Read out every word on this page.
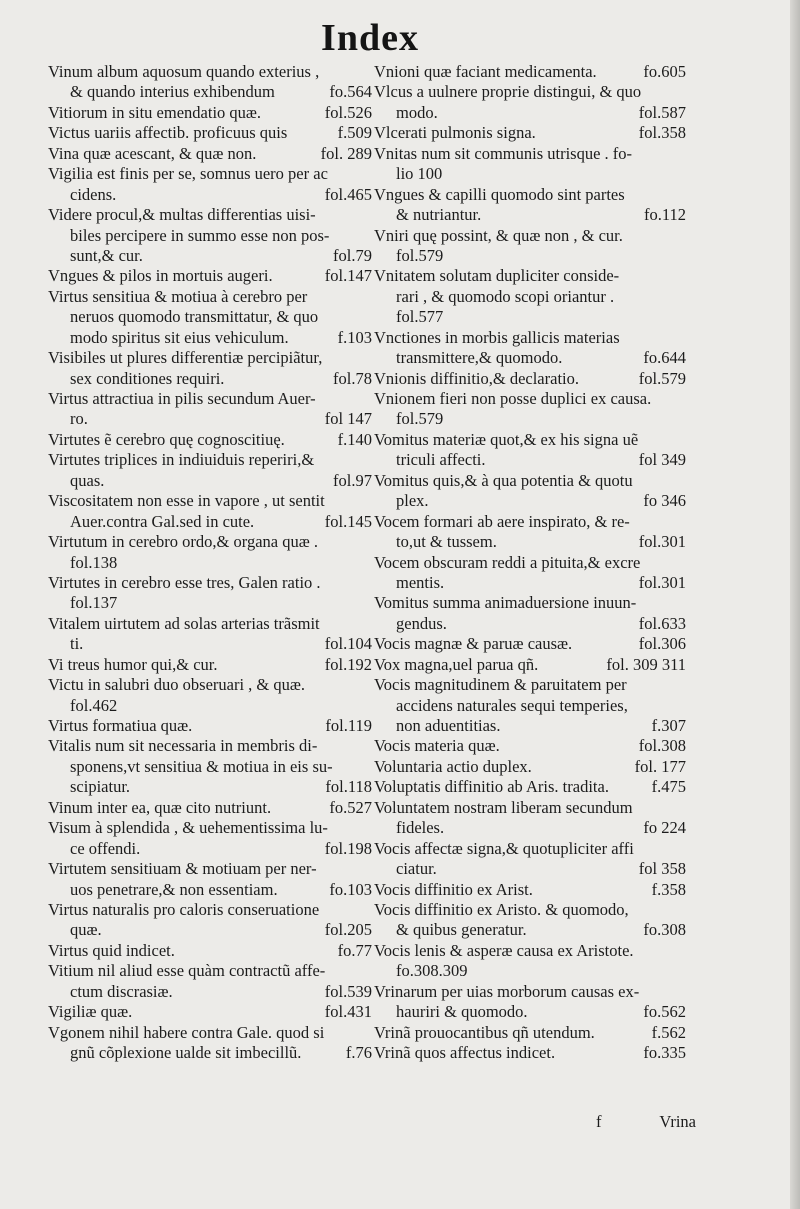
Index
Vinum album aquosum quando exterius ,
& quando interius exhibendum	fo.564
Vitiorum in situ emendatio quæ.	fol.526
Victus uariis affectib. proficuus quis	f.509
Vina quæ acescant, & quæ non.	fol. 289
Vigilia est finis per se, somnus uero per ac
cidens.	fol.465
Videre procul,& multas differentias uisi-
biles percipere in summo esse non pos-
sunt,& cur.	fol.79
Vngues & pilos in mortuis augeri.	fol.147
Virtus sensitiua & motiua à cerebro per
neruos quomodo transmittatur, & quo
modo spiritus sit eius vehiculum.	f.103
Visibiles ut plures differentiæ percipiãtur,
sex conditiones requiri.	fol.78
Virtus attractiua in pilis secundum Auer-
ro.	fol 147
Virtutes ẽ cerebro quę cognoscitiuę.	f.140
Virtutes triplices in indiuiduis reperiri,&
quas.	fol.97
Viscositatem non esse in vapore , ut sentit
Auer.contra Gal.sed in cute.	fol.145
Virtutum in cerebro ordo,& organa quæ .
fol.138
Virtutes in cerebro esse tres, Galen ratio .
fol.137
Vitalem uirtutem ad solas arterias trãsmit
ti.	fol.104
Vi treus humor qui,& cur.	fol.192
Victu in salubri duo obseruari , & quæ.
fol.462
Virtus formatiua quæ.	fol.119
Vitalis num sit necessaria in membris di-
sponens,vt sensitiua & motiua in eis su-
scipiatur.	fol.118
Vinum inter ea, quæ cito nutriunt.	fo.527
Visum à splendida , & uehementissima lu-
ce offendi.	fol.198
Virtutem sensitiuam & motiuam per ner-
uos penetrare,& non essentiam.	fo.103
Virtus naturalis pro caloris conseruatione
quæ.	fol.205
Virtus quid indicet.	fo.77
Vitium nil aliud esse quàm contractũ affe-
ctum discrasiæ.	fol.539
Vigiliæ quæ.	fol.431
Vgonem nihil habere contra Gale. quod si
gnũ cõplexione ualde sit imbecillũ.	f.76
Vnioni quæ faciant medicamenta.	fo.605
Vlcus a uulnere proprie distingui, & quo
modo.	fol.587
Vlcerati pulmonis signa.	fol.358
Vnitas num sit communis utrisque . fo-
lio 100
Vngues & capilli quomodo sint partes
& nutriantur.	fo.112
Vniri quę possint, & quæ non , & cur.
fol.579
Vnitatem solutam dupliciter conside-
rari , & quomodo scopi oriantur .
fol.577
Vnctiones in morbis gallicis materias
transmittere,& quomodo.	fo.644
Vnionis diffinitio,& declaratio.	fol.579
Vnionem fieri non posse duplici ex causa.
fol.579
Vomitus materiæ quot,& ex his signa uẽ
triculi affecti.	fol 349
Vomitus quis,& à qua potentia & quotu
plex.	fo 346
Vocem formari ab aere inspirato, & re-
to,ut & tussem.	fol.301
Vocem obscuram reddi a pituita,& excre
mentis.	fol.301
Vomitus summa animaduersione inuun-
gendus.	fol.633
Vocis magnæ & paruæ causæ.	fol.306
Vox magna,uel parua qñ.	fol. 309 311
Vocis magnitudinem & paruitatem per
accidens naturales sequi temperies,
non aduentitias.	f.307
Vocis materia quæ.	fol.308
Voluntaria actio duplex.	fol. 177
Voluptatis diffinitio ab Aris. tradita.	f.475
Voluntatem nostram liberam secundum
fideles.	fo 224
Vocis affectæ signa,& quotupliciter affi
ciatur.	fol 358
Vocis diffinitio ex Arist.	f.358
Vocis diffinitio ex Aristo. & quomodo,
& quibus generatur.	fo.308
Vocis lenis & asperæ causa ex Aristote.
fo.308.309
Vrinarum per uias morborum causas ex-
hauriri & quomodo.	fo.562
Vrinã prouocantibus qñ utendum.	f.562
Vrinã quos affectus indicet.	fo.335
f	Vrina
